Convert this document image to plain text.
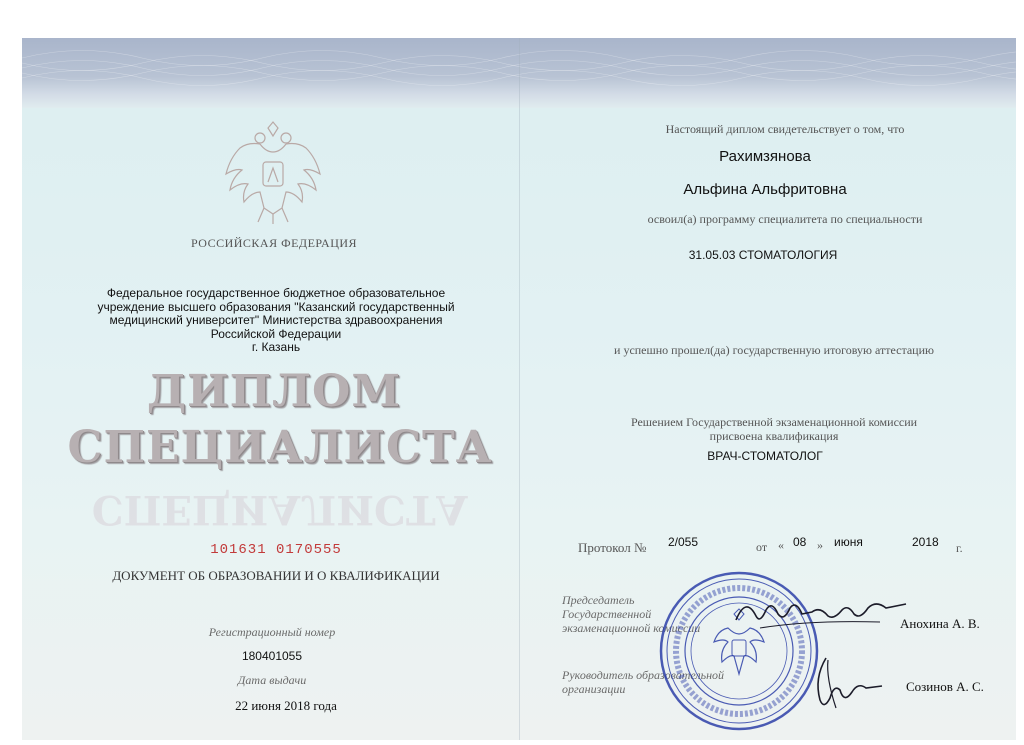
РОССИЙСКАЯ ФЕДЕРАЦИЯ
Федеральное государственное бюджетное образовательное
учреждение высшего образования "Казанский государственный
медицинский университет" Министерства здравоохранения
Российской Федерации
г. Казань
ДИПЛОМ
СПЕЦИАЛИСТА
СПЕЦИАЛИСТА
101631 0170555
ДОКУМЕНТ ОБ ОБРАЗОВАНИИ И О КВАЛИФИКАЦИИ
Регистрационный номер
180401055
Дата выдачи
22 июня 2018 года
Настоящий диплом свидетельствует о том, что
Рахимзянова
Альфина Альфритовна
освоил(а) программу специалитета по специальности
31.05.03 СТОМАТОЛОГИЯ
и успешно прошел(да) государственную итоговую аттестацию
Решением Государственной экзаменационной комиссии
присвоена квалификация
ВРАЧ-СТОМАТОЛОГ
Протокол № 2/055	от « 08 » июня	2018 г.
Председатель
Государственной
экзаменационной комиссии	Анохина А. В.
Руководитель образовательной
организации	Созинов А. С.
